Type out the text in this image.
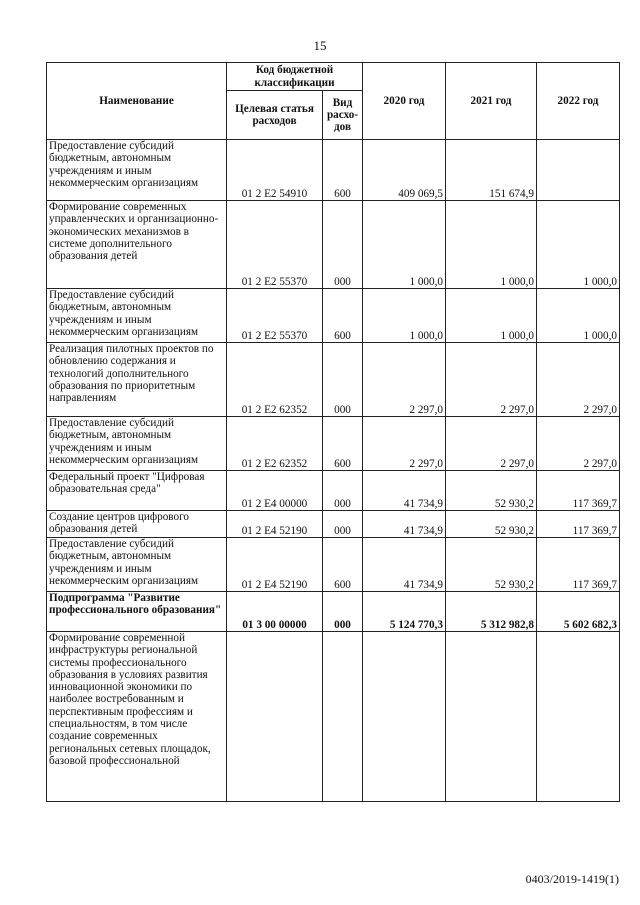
15
Наименование	Код бюджетной классификации		2020 год	2021 год	2022 год
	Целевая статья расходов	Вид расхо-дов			
Предоставление субсидий бюджетным, автономным учреждениям и иным некоммерческим организациям	01 2 E2 54910	600	409 069,5	151 674,9	
Формирование современных управленческих и организационно-экономических механизмов в системе дополнительного образования детей	01 2 E2 55370	000	1 000,0	1 000,0	1 000,0
Предоставление субсидий бюджетным, автономным учреждениям и иным некоммерческим организациям	01 2 E2 55370	600	1 000,0	1 000,0	1 000,0
Реализация пилотных проектов по обновлению содержания и технологий дополнительного образования по приоритетным направлениям	01 2 E2 62352	000	2 297,0	2 297,0	2 297,0
Предоставление субсидий бюджетным, автономным учреждениям и иным некоммерческим организациям	01 2 E2 62352	600	2 297,0	2 297,0	2 297,0
Федеральный проект "Цифровая образовательная среда"	01 2 E4 00000	000	41 734,9	52 930,2	117 369,7
Создание центров цифрового образования детей	01 2 E4 52190	000	41 734,9	52 930,2	117 369,7
Предоставление субсидий бюджетным, автономным учреждениям и иным некоммерческим организациям	01 2 E4 52190	600	41 734,9	52 930,2	117 369,7
Подпрограмма "Развитие профессионального образования"	01 3 00 00000	000	5 124 770,3	5 312 982,8	5 602 682,3
Формирование современной инфраструктуры региональной системы профессионального образования в условиях развития инновационной экономики по наиболее востребованным и перспективным профессиям и специальностям, в том числе создание современных региональных сетевых площадок, базовой профессиональной					
0403/2019-1419(1)
